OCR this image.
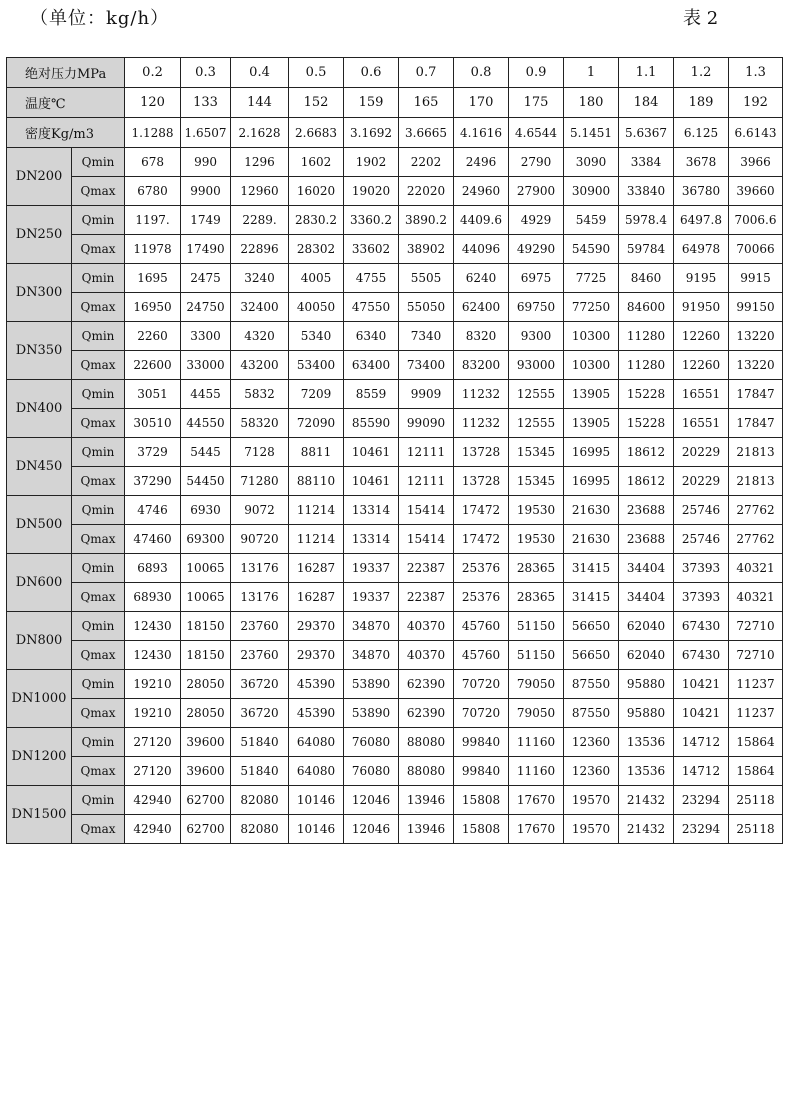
（单位：kg/h）	表 2
绝对压力MPa		0.2	0.3	0.4	0.5	0.6	0.7	0.8	0.9	1	1.1	1.2	1.3
温度℃		120	133	144	152	159	165	170	175	180	184	189	192
密度Kg/m3		1.1288	1.6507	2.1628	2.6683	3.1692	3.6665	4.1616	4.6544	5.1451	5.6367	6.125	6.6143
DN200	Qmin	678	990	1296	1602	1902	2202	2496	2790	3090	3384	3678	3966
	Qmax	6780	9900	12960	16020	19020	22020	24960	27900	30900	33840	36780	39660
DN250	Qmin	1197.	1749	2289.	2830.2	3360.2	3890.2	4409.6	4929	5459	5978.4	6497.8	7006.6
	Qmax	11978	17490	22896	28302	33602	38902	44096	49290	54590	59784	64978	70066
DN300	Qmin	1695	2475	3240	4005	4755	5505	6240	6975	7725	8460	9195	9915
	Qmax	16950	24750	32400	40050	47550	55050	62400	69750	77250	84600	91950	99150
DN350	Qmin	2260	3300	4320	5340	6340	7340	8320	9300	10300	11280	12260	13220
	Qmax	22600	33000	43200	53400	63400	73400	83200	93000	10300	11280	12260	13220
DN400	Qmin	3051	4455	5832	7209	8559	9909	11232	12555	13905	15228	16551	17847
	Qmax	30510	44550	58320	72090	85590	99090	11232	12555	13905	15228	16551	17847
DN450	Qmin	3729	5445	7128	8811	10461	12111	13728	15345	16995	18612	20229	21813
	Qmax	37290	54450	71280	88110	10461	12111	13728	15345	16995	18612	20229	21813
DN500	Qmin	4746	6930	9072	11214	13314	15414	17472	19530	21630	23688	25746	27762
	Qmax	47460	69300	90720	11214	13314	15414	17472	19530	21630	23688	25746	27762
DN600	Qmin	6893	10065	13176	16287	19337	22387	25376	28365	31415	34404	37393	40321
	Qmax	68930	10065	13176	16287	19337	22387	25376	28365	31415	34404	37393	40321
DN800	Qmin	12430	18150	23760	29370	34870	40370	45760	51150	56650	62040	67430	72710
	Qmax	12430	18150	23760	29370	34870	40370	45760	51150	56650	62040	67430	72710
DN1000	Qmin	19210	28050	36720	45390	53890	62390	70720	79050	87550	95880	10421	11237
	Qmax	19210	28050	36720	45390	53890	62390	70720	79050	87550	95880	10421	11237
DN1200	Qmin	27120	39600	51840	64080	76080	88080	99840	11160	12360	13536	14712	15864
	Qmax	27120	39600	51840	64080	76080	88080	99840	11160	12360	13536	14712	15864
DN1500	Qmin	42940	62700	82080	10146	12046	13946	15808	17670	19570	21432	23294	25118
	Qmax	42940	62700	82080	10146	12046	13946	15808	17670	19570	21432	23294	25118
